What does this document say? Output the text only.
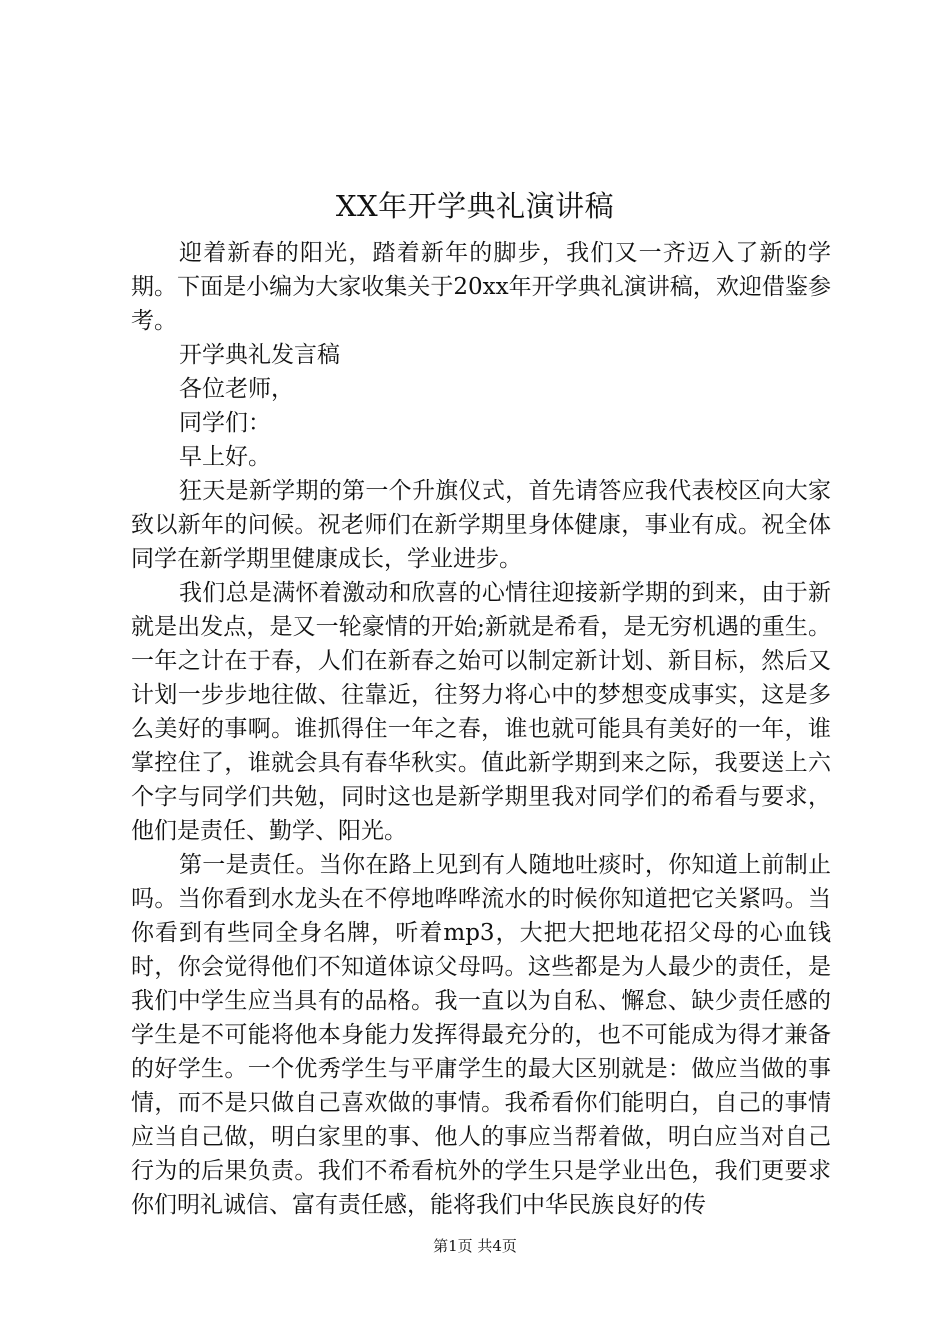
XX年开学典礼演讲稿

迎着新春的阳光，踏着新年的脚步，我们又一齐迈入了新的学期。下面是小编为大家收集关于20xx年开学典礼演讲稿，欢迎借鉴参考。

开学典礼发言稿

各位老师，

同学们：

早上好。

狂天是新学期的第一个升旗仪式，首先请答应我代表校区向大家致以新年的问候。祝老师们在新学期里身体健康，事业有成。祝全体同学在新学期里健康成长，学业进步。

我们总是满怀着激动和欣喜的心情往迎接新学期的到来，由于新就是出发点，是又一轮豪情的开始;新就是希看，是无穷机遇的重生。一年之计在于春，人们在新春之始可以制定新计划、新目标，然后又计划一步步地往做、往靠近，往努力将心中的梦想变成事实，这是多么美好的事啊。谁抓得住一年之春，谁也就可能具有美好的一年，谁掌控住了，谁就会具有春华秋实。值此新学期到来之际，我要送上六个字与同学们共勉，同时这也是新学期里我对同学们的希看与要求，他们是责任、勤学、阳光。

第一是责任。当你在路上见到有人随地吐痰时，你知道上前制止吗。当你看到水龙头在不停地哗哗流水的时候你知道把它关紧吗。当你看到有些同全身名牌，听着mp3，大把大把地花招父母的心血钱时，你会觉得他们不知道体谅父母吗。这些都是为人最少的责任，是我们中学生应当具有的品格。我一直以为自私、懈怠、缺少责任感的学生是不可能将他本身能力发挥得最充分的，也不可能成为得才兼备的好学生。一个优秀学生与平庸学生的最大区别就是：做应当做的事情，而不是只做自己喜欢做的事情。我希看你们能明白，自己的事情应当自己做，明白家里的事、他人的事应当帮着做，明白应当对自己行为的后果负责。我们不希看杭外的学生只是学业出色，我们更要求你们明礼诚信、富有责任感，能将我们中华民族良好的传

第1页 共4页
